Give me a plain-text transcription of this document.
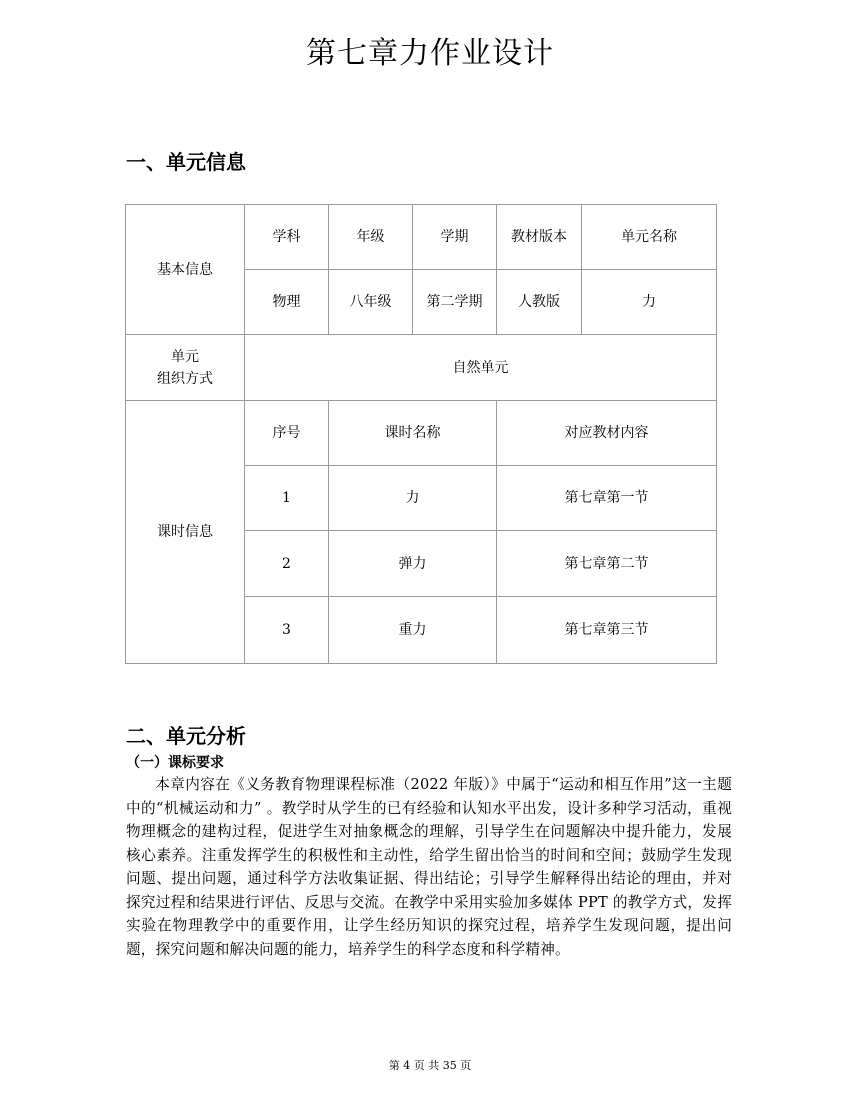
第七章力作业设计
一、单元信息
基本信息	学科	年级	学期	教材版本	单元名称
	物理	八年级	第二学期	人教版	力

单元
组织方式	自然单元				
课时信息	序号	课时名称		对应教材内容	
	1	力		第七章第一节	
	2	弹力		第七章第二节	
	3	重力		第七章第三节	
二、单元分析
（一）课标要求
本章内容在《义务教育物理课程标准（2022 年版）》中属于“运动和相互作用”这一主题中的“机械运动和力” 。教学时从学生的已有经验和认知水平出发，设计多种学习活动，重视物理概念的建构过程，促进学生对抽象概念的理解，引导学生在问题解决中提升能力，发展核心素养。注重发挥学生的积极性和主动性，给学生留出恰当的时间和空间；鼓励学生发现问题、提出问题，通过科学方法收集证据、得出结论；引导学生解释得出结论的理由，并对探究过程和结果进行评估、反思与交流。在教学中采用实验加多媒体 PPT 的教学方式，发挥实验在物理教学中的重要作用，让学生经历知识的探究过程，培养学生发现问题，提出问题，探究问题和解决问题的能力，培养学生的科学态度和科学精神。
第 4 页 共 35 页
